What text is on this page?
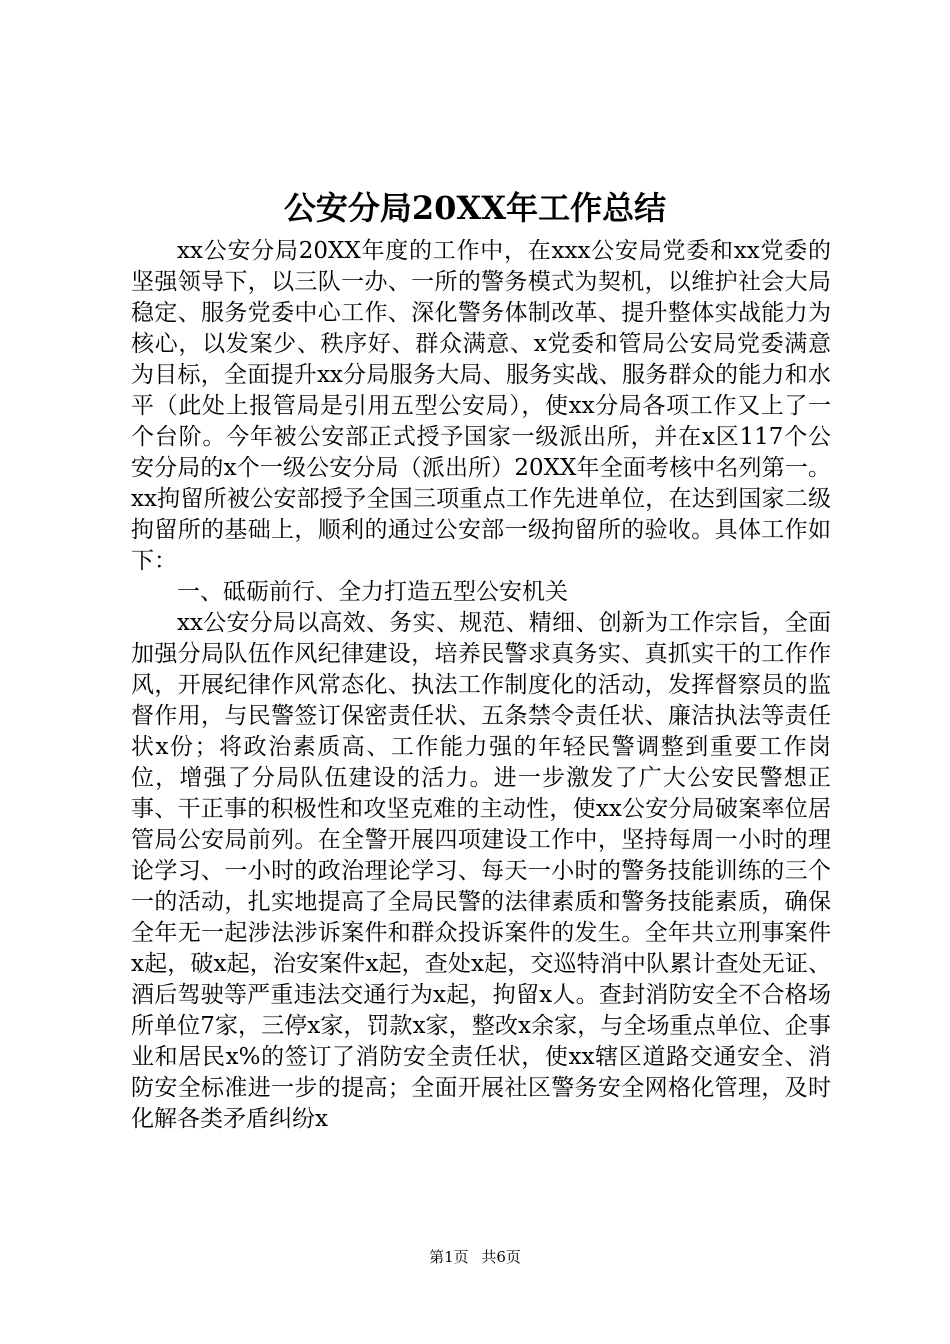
公安分局20XX年工作总结

xx公安分局20XX年度的工作中，在xxx公安局党委和xx党委的坚强领导下，以三队一办、一所的警务模式为契机，以维护社会大局稳定、服务党委中心工作、深化警务体制改革、提升整体实战能力为核心，以发案少、秩序好、群众满意、x党委和管局公安局党委满意为目标，全面提升xx分局服务大局、服务实战、服务群众的能力和水平（此处上报管局是引用五型公安局），使xx分局各项工作又上了一个台阶。今年被公安部正式授予国家一级派出所，并在x区117个公安分局的x个一级公安分局（派出所）20XX年全面考核中名列第一。xx拘留所被公安部授予全国三项重点工作先进单位，在达到国家二级拘留所的基础上，顺利的通过公安部一级拘留所的验收。具体工作如下：

一、砥砺前行、全力打造五型公安机关

xx公安分局以高效、务实、规范、精细、创新为工作宗旨，全面加强分局队伍作风纪律建设，培养民警求真务实、真抓实干的工作作风，开展纪律作风常态化、执法工作制度化的活动，发挥督察员的监督作用，与民警签订保密责任状、五条禁令责任状、廉洁执法等责任状x份；将政治素质高、工作能力强的年轻民警调整到重要工作岗位，增强了分局队伍建设的活力。进一步激发了广大公安民警想正事、干正事的积极性和攻坚克难的主动性，使xx公安分局破案率位居管局公安局前列。在全警开展四项建设工作中，坚持每周一小时的理论学习、一小时的政治理论学习、每天一小时的警务技能训练的三个一的活动，扎实地提高了全局民警的法律素质和警务技能素质，确保全年无一起涉法涉诉案件和群众投诉案件的发生。全年共立刑事案件x起，破x起，治安案件x起，查处x起，交巡特消中队累计查处无证、酒后驾驶等严重违法交通行为x起，拘留x人。查封消防安全不合格场所单位7家，三停x家，罚款x家，整改x余家，与全场重点单位、企事业和居民x%的签订了消防安全责任状，使xx辖区道路交通安全、消防安全标准进一步的提高；全面开展社区警务安全网格化管理，及时化解各类矛盾纠纷x

第1页 共6页
